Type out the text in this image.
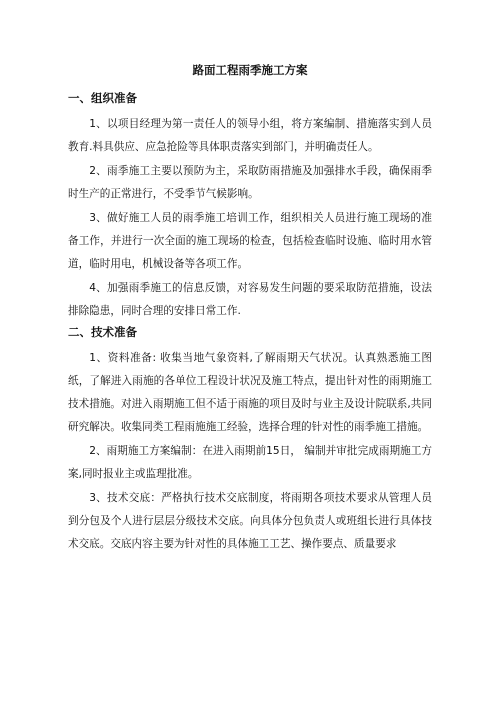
路面工程雨季施工方案
一、组织准备

1、以项目经理为第一责任人的领导小组，将方案编制、措施落实到人员教育.料具供应、应急抢险等具体职责落实到部门，并明确责任人。

2、雨季施工主要以预防为主，采取防雨措施及加强排水手段，确保雨季时生产的正常进行，不受季节气候影响。

3、做好施工人员的雨季施工培训工作，组织相关人员进行施工现场的准备工作，并进行一次全面的施工现场的检查，包括检查临时设施、临时用水管道，临时用电，机械设备等各项工作。

4、加强雨季施工的信息反馈，对容易发生问题的要采取防范措施，设法排除隐患，同时合理的安排日常工作.

二、技术准备

1、资料准备: 收集当地气象资料,了解雨期天气状况。认真熟悉施工图纸，了解进入雨施的各单位工程设计状况及施工特点，提出针对性的雨期施工技术措施。对进入雨期施工但不适于雨施的项目及时与业主及设计院联系,共同研究解决。收集同类工程雨施施工经验，选择合理的针对性的雨季施工措施。

2、雨期施工方案编制：在进入雨期前15日， 编制并审批完成雨期施工方案,同时报业主或监理批准。

3、技术交底：严格执行技术交底制度，将雨期各项技术要求从管理人员到分包及个人进行层层分级技术交底。向具体分包负责人或班组长进行具体技术交底。交底内容主要为针对性的具体施工工艺、操作要点、质量要求
